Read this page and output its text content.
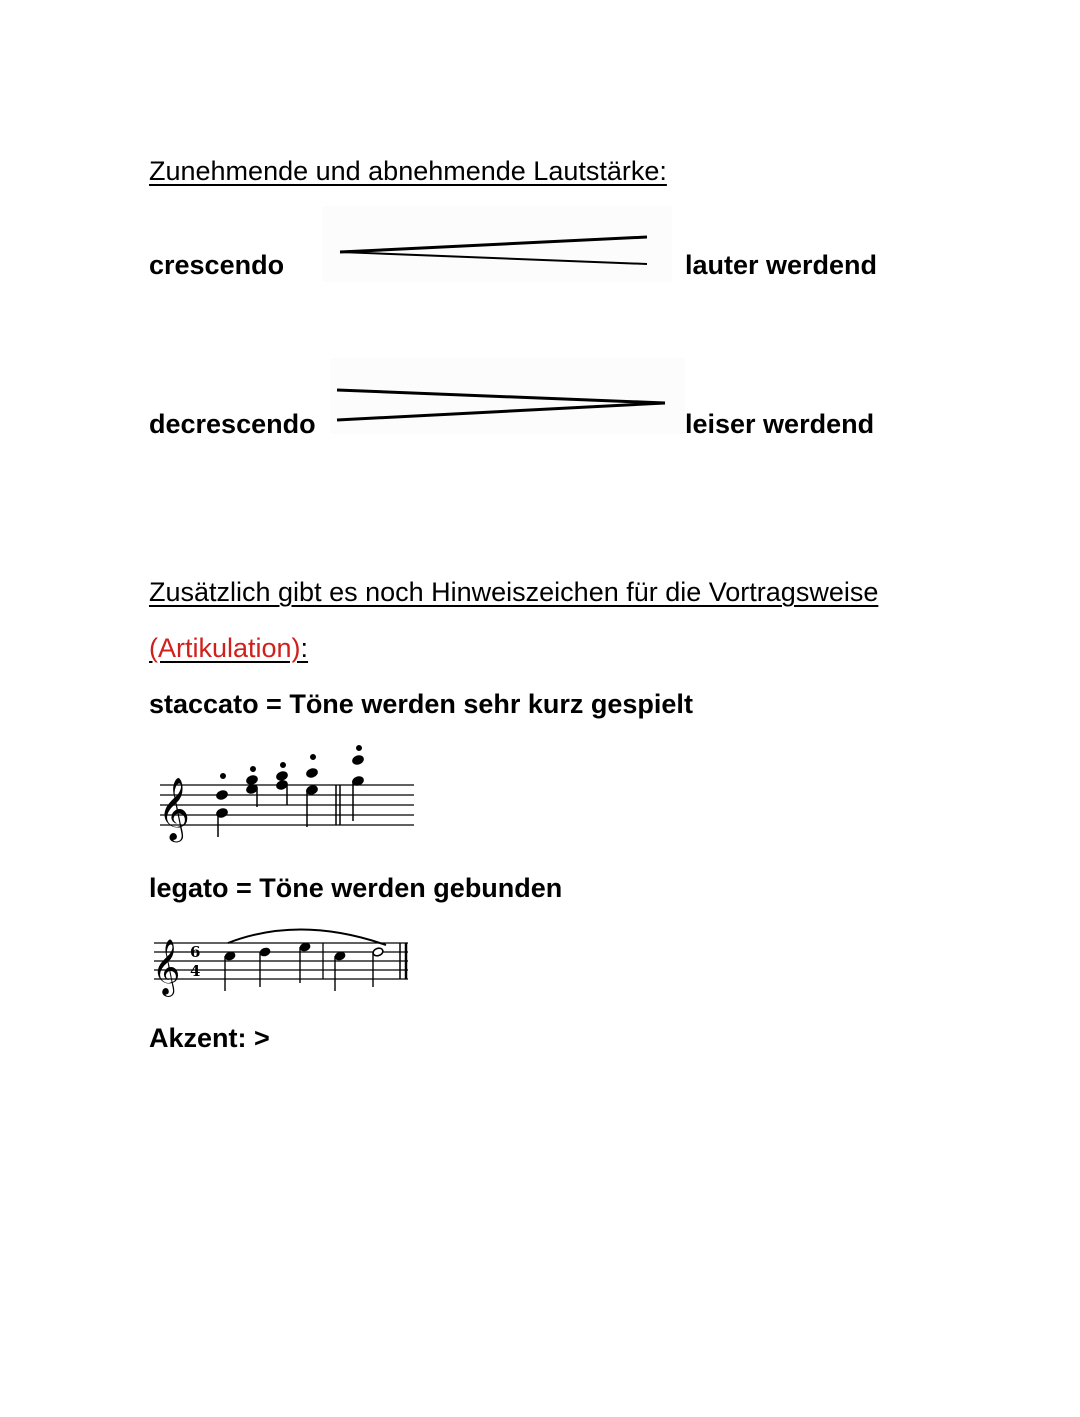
Zunehmende und abnehmende Lautstärke:
crescendo	lauter werdend
decrescendo	leiser werdend
Zusätzlich gibt es noch Hinweiszeichen für die Vortragsweise
(Artikulation):
staccato = Töne werden sehr kurz gespielt
𝄞
legato = Töne werden gebunden
𝄞 6
4
Akzent: >
